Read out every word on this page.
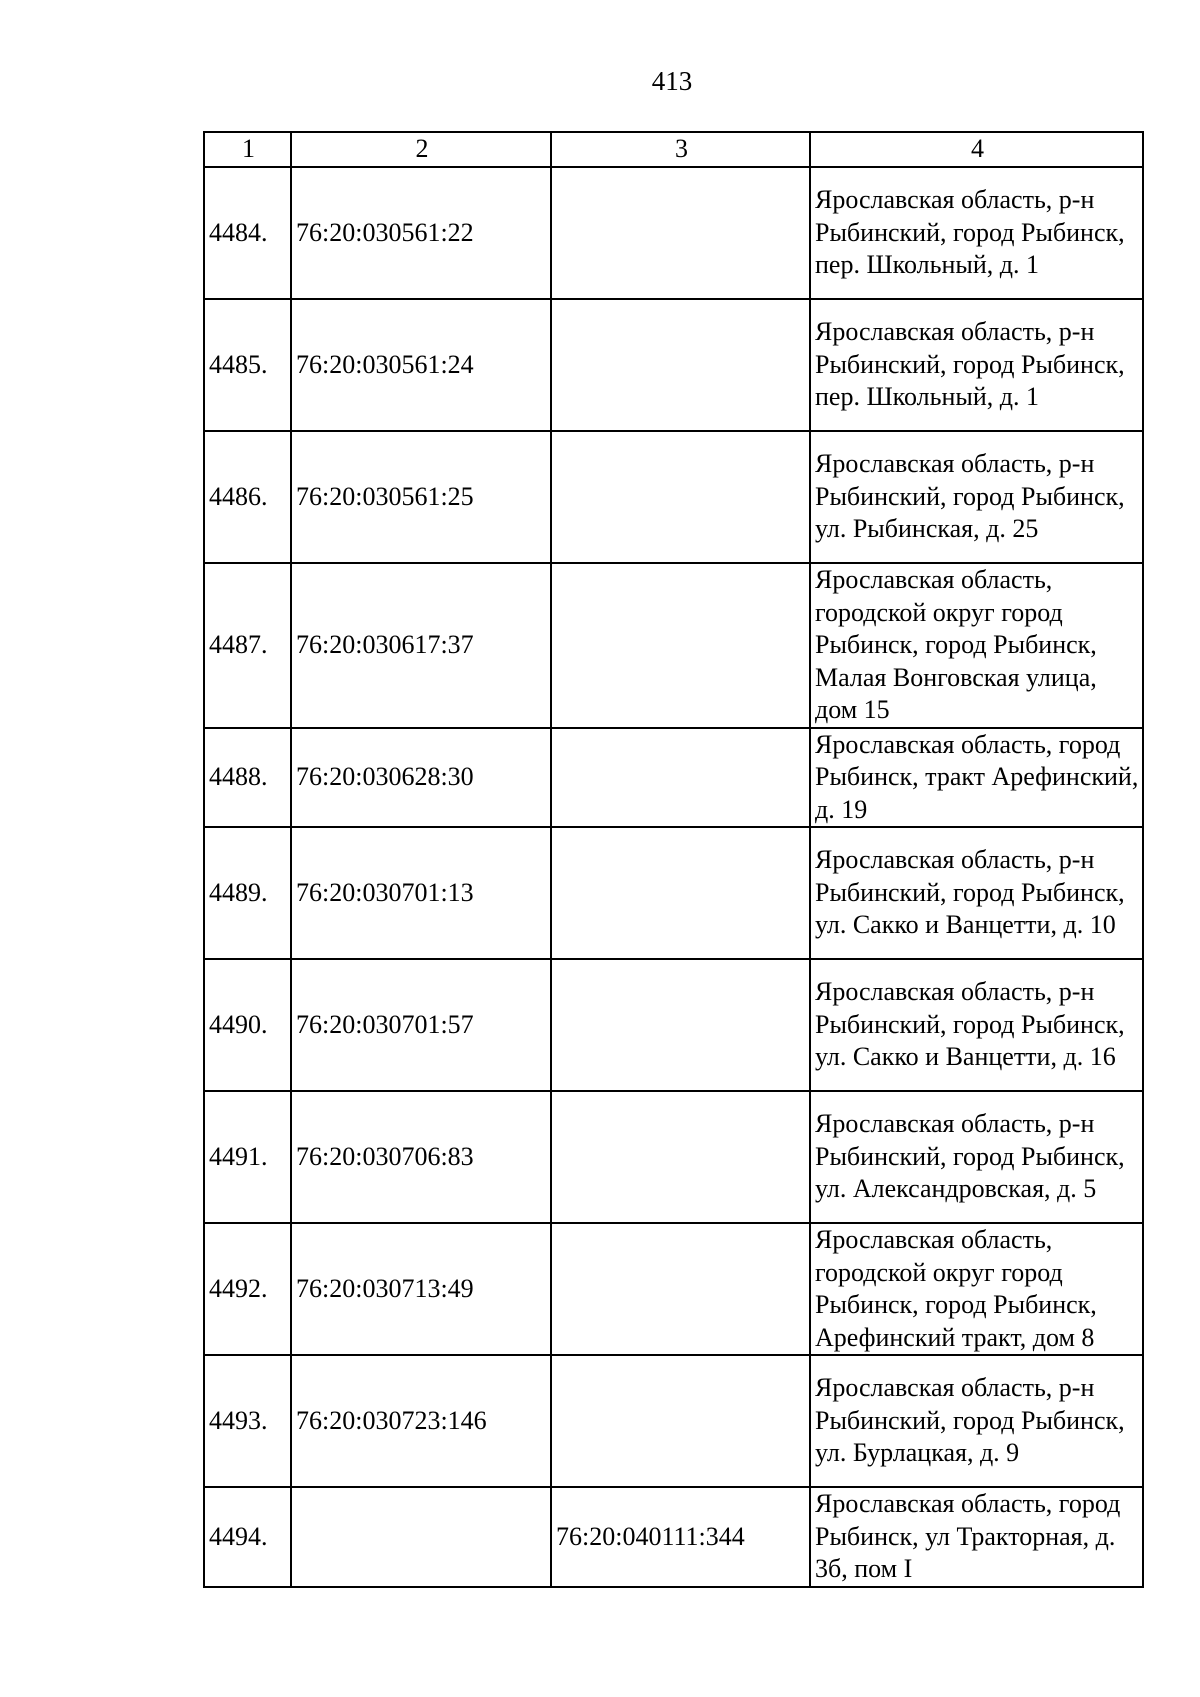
413
1	2	3	4
4484.	76:20:030561:22		Ярославская область, р-н Рыбинский, город Рыбинск, пер. Школьный, д. 1
4485.	76:20:030561:24		Ярославская область, р-н Рыбинский, город Рыбинск, пер. Школьный, д. 1
4486.	76:20:030561:25		Ярославская область, р-н Рыбинский, город Рыбинск, ул. Рыбинская, д. 25
4487.	76:20:030617:37		Ярославская область, городской округ город Рыбинск, город Рыбинск, Малая Вонговская улица, дом 15
4488.	76:20:030628:30		Ярославская область, город Рыбинск, тракт Арефинский, д. 19
4489.	76:20:030701:13		Ярославская область, р-н Рыбинский, город Рыбинск, ул. Сакко и Ванцетти, д. 10
4490.	76:20:030701:57		Ярославская область, р-н Рыбинский, город Рыбинск, ул. Сакко и Ванцетти, д. 16
4491.	76:20:030706:83		Ярославская область, р-н Рыбинский, город Рыбинск, ул. Александровская, д. 5
4492.	76:20:030713:49		Ярославская область, городской округ город Рыбинск, город Рыбинск, Арефинский тракт, дом 8
4493.	76:20:030723:146		Ярославская область, р-н Рыбинский, город Рыбинск, ул. Бурлацкая, д. 9
4494.		76:20:040111:344	Ярославская область, город Рыбинск, ул Тракторная, д. 3б, пом I
